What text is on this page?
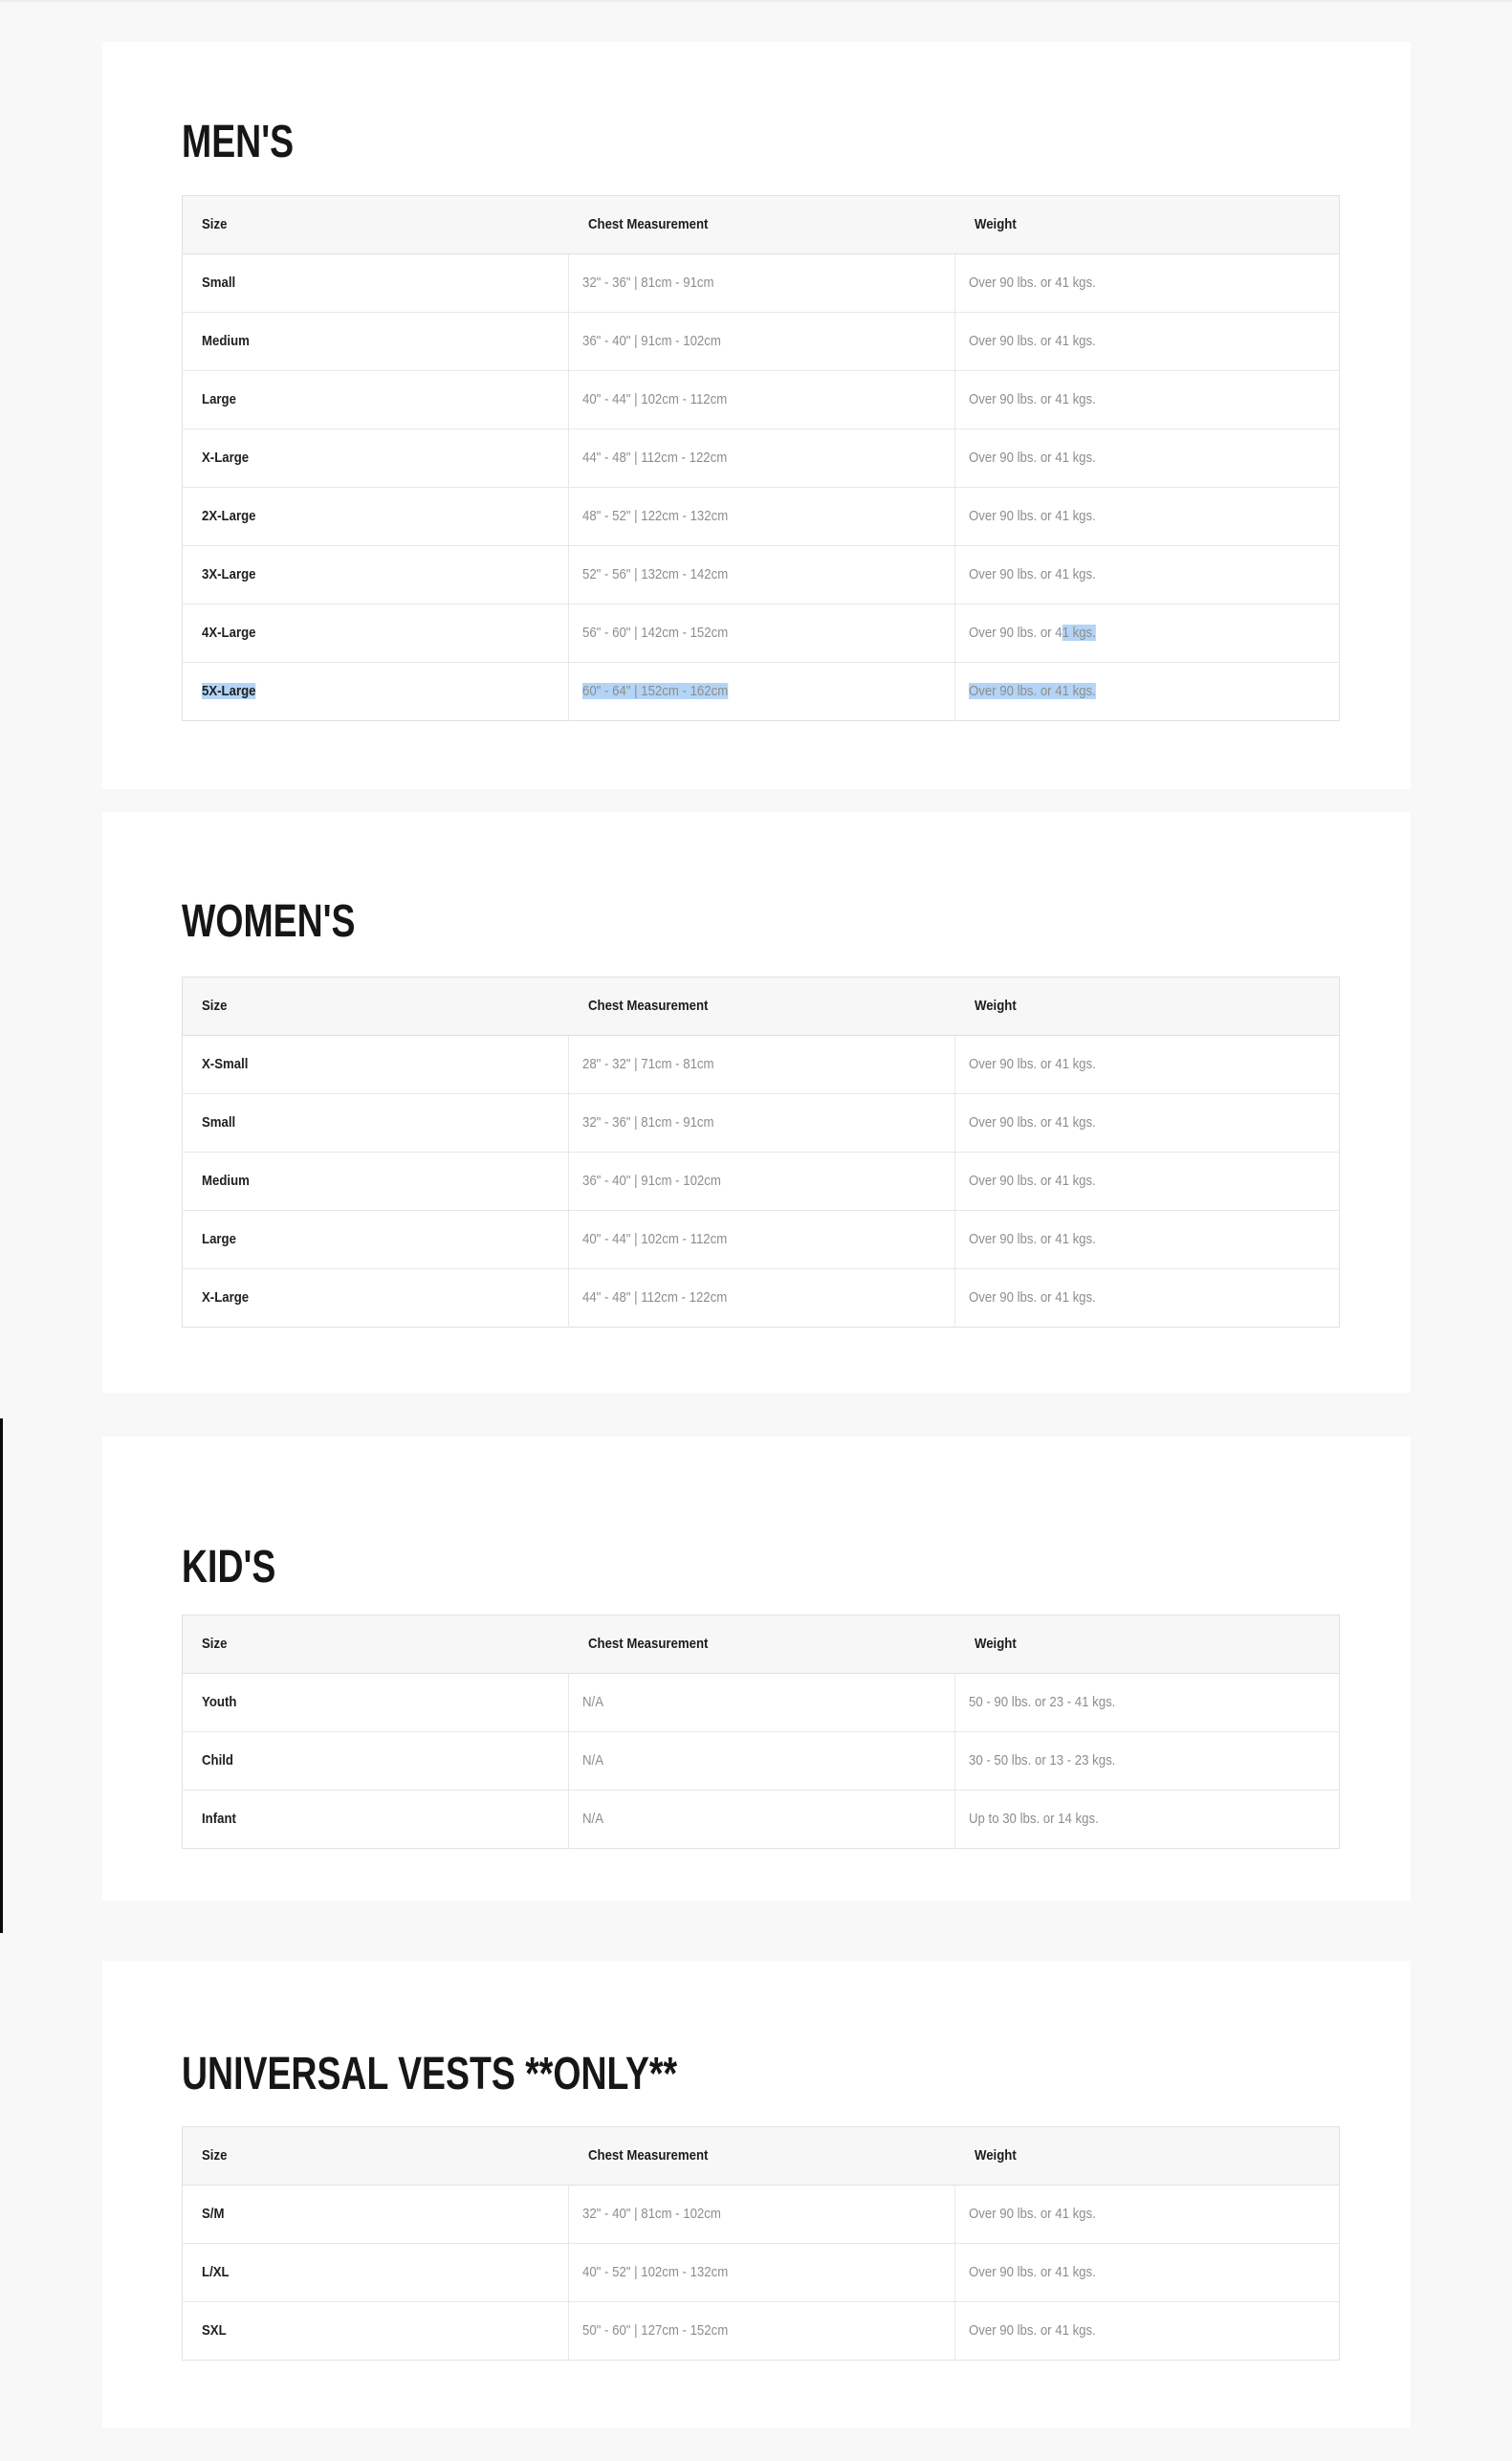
MEN'S
Size	Chest Measurement	Weight
Small	32" - 36" | 81cm - 91cm	Over 90 lbs. or 41 kgs.
Medium	36" - 40" | 91cm - 102cm	Over 90 lbs. or 41 kgs.
Large	40" - 44" | 102cm - 112cm	Over 90 lbs. or 41 kgs.
X-Large	44" - 48" | 112cm - 122cm	Over 90 lbs. or 41 kgs.
2X-Large	48" - 52" | 122cm - 132cm	Over 90 lbs. or 41 kgs.
3X-Large	52" - 56" | 132cm - 142cm	Over 90 lbs. or 41 kgs.
4X-Large	56" - 60" | 142cm - 152cm	Over 90 lbs. or 41 kgs.
5X-Large	60" - 64" | 152cm - 162cm	Over 90 lbs. or 41 kgs.
WOMEN'S
Size	Chest Measurement	Weight
X-Small	28" - 32" | 71cm - 81cm	Over 90 lbs. or 41 kgs.
Small	32" - 36" | 81cm - 91cm	Over 90 lbs. or 41 kgs.
Medium	36" - 40" | 91cm - 102cm	Over 90 lbs. or 41 kgs.
Large	40" - 44" | 102cm - 112cm	Over 90 lbs. or 41 kgs.
X-Large	44" - 48" | 112cm - 122cm	Over 90 lbs. or 41 kgs.
KID'S
Size	Chest Measurement	Weight
Youth	N/A	50 - 90 lbs. or 23 - 41 kgs.
Child	N/A	30 - 50 lbs. or 13 - 23 kgs.
Infant	N/A	Up to 30 lbs. or 14 kgs.
UNIVERSAL VESTS **ONLY**
Size	Chest Measurement	Weight
S/M	32" - 40" | 81cm - 102cm	Over 90 lbs. or 41 kgs.
L/XL	40" - 52" | 102cm - 132cm	Over 90 lbs. or 41 kgs.
SXL	50" - 60" | 127cm - 152cm	Over 90 lbs. or 41 kgs.
